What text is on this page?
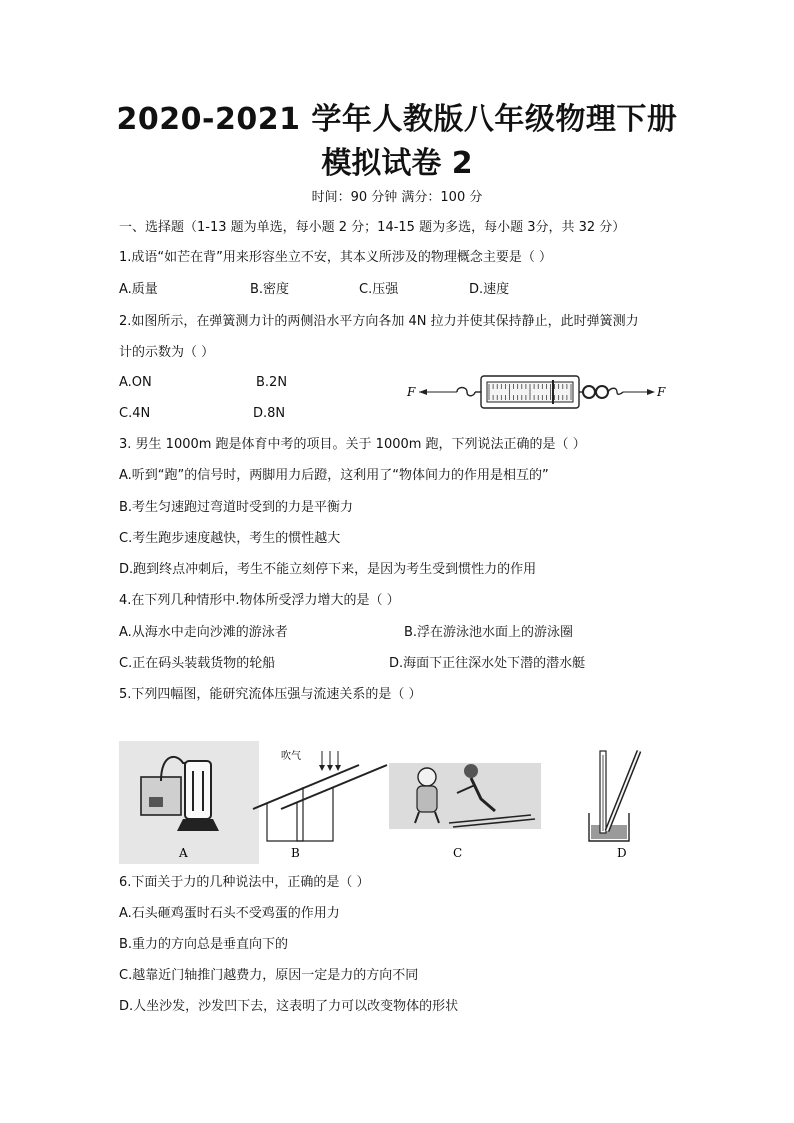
2020-2021 学年人教版八年级物理下册
模拟试卷 2
时间：90 分钟 满分：100 分
一、选择题（1-13 题为单选，每小题 2 分；14-15 题为多选，每小题 3分，共 32 分）
1.成语“如芒在背”用来形容坐立不安，其本义所涉及的物理概念主要是（ ）
A.质量	B.密度	C.压强	D.速度
2.如图所示，在弹簧测力计的两侧沿水平方向各加 4N 拉力并使其保持静止，此时弹簧测力
计的示数为（ ）
A.ON	B.2N
C.4N	D.8N
F	F
3. 男生 1000m 跑是体育中考的项目。关于 1000m 跑，下列说法正确的是（ ）
A.听到“跑”的信号时，两脚用力后蹬，这利用了“物体间力的作用是相互的”
B.考生匀速跑过弯道时受到的力是平衡力
C.考生跑步速度越快，考生的惯性越大
D.跑到终点冲刺后，考生不能立刻停下来，是因为考生受到惯性力的作用
4.在下列几种情形中.物体所受浮力增大的是（ ）
A.从海水中走向沙滩的游泳者	B.浮在游泳池水面上的游泳圈
C.正在码头装载货物的轮船	D.海面下正往深水处下潜的潜水艇
5.下列四幅图，能研究流体压强与流速关系的是（ ）
A
吹气
B	C	D
6.下面关于力的几种说法中，正确的是（ ）
A.石头砸鸡蛋时石头不受鸡蛋的作用力
B.重力的方向总是垂直向下的
C.越靠近门轴推门越费力，原因一定是力的方向不同
D.人坐沙发，沙发凹下去，这表明了力可以改变物体的形状
